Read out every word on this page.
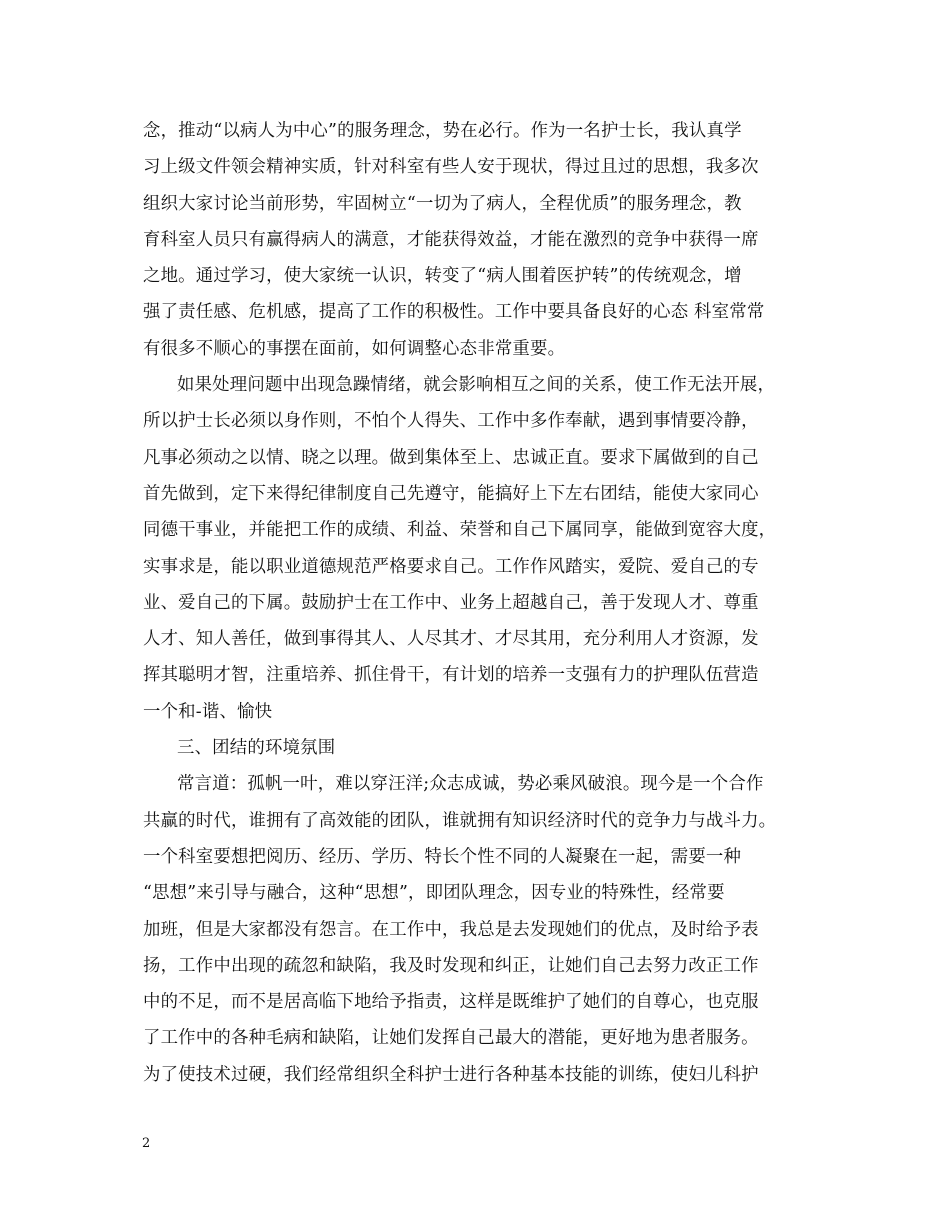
念，推动“以病人为中心”的服务理念，势在必行。作为一名护士长，我认真学
习上级文件领会精神实质，针对科室有些人安于现状，得过且过的思想，我多次
组织大家讨论当前形势，牢固树立“一切为了病人，全程优质”的服务理念，教
育科室人员只有赢得病人的满意，才能获得效益，才能在激烈的竞争中获得一席
之地。通过学习，使大家统一认识，转变了“病人围着医护转”的传统观念，增
强了责任感、危机感，提高了工作的积极性。工作中要具备良好的心态 科室常常
有很多不顺心的事摆在面前，如何调整心态非常重要。
如果处理问题中出现急躁情绪，就会影响相互之间的关系，使工作无法开展，
所以护士长必须以身作则，不怕个人得失、工作中多作奉献，遇到事情要冷静，
凡事必须动之以情、晓之以理。做到集体至上、忠诚正直。要求下属做到的自己
首先做到，定下来得纪律制度自己先遵守，能搞好上下左右团结，能使大家同心
同德干事业，并能把工作的成绩、利益、荣誉和自己下属同享，能做到宽容大度，
实事求是，能以职业道德规范严格要求自己。工作作风踏实，爱院、爱自己的专
业、爱自己的下属。鼓励护士在工作中、业务上超越自己，善于发现人才、尊重
人才、知人善任，做到事得其人、人尽其才、才尽其用，充分利用人才资源，发
挥其聪明才智，注重培养、抓住骨干，有计划的培养一支强有力的护理队伍营造
一个和-谐、愉快
三、团结的环境氛围
常言道：孤帆一叶，难以穿汪洋;众志成诚，势必乘风破浪。现今是一个合作
共赢的时代，谁拥有了高效能的团队，谁就拥有知识经济时代的竞争力与战斗力。
一个科室要想把阅历、经历、学历、特长个性不同的人凝聚在一起，需要一种
“思想”来引导与融合，这种“思想”，即团队理念，因专业的特殊性，经常要
加班，但是大家都没有怨言。在工作中，我总是去发现她们的优点，及时给予表
扬，工作中出现的疏忽和缺陷，我及时发现和纠正，让她们自己去努力改正工作
中的不足，而不是居高临下地给予指责，这样是既维护了她们的自尊心，也克服
了工作中的各种毛病和缺陷，让她们发挥自己最大的潜能，更好地为患者服务。
为了使技术过硬，我们经常组织全科护士进行各种基本技能的训练，使妇儿科护
2
